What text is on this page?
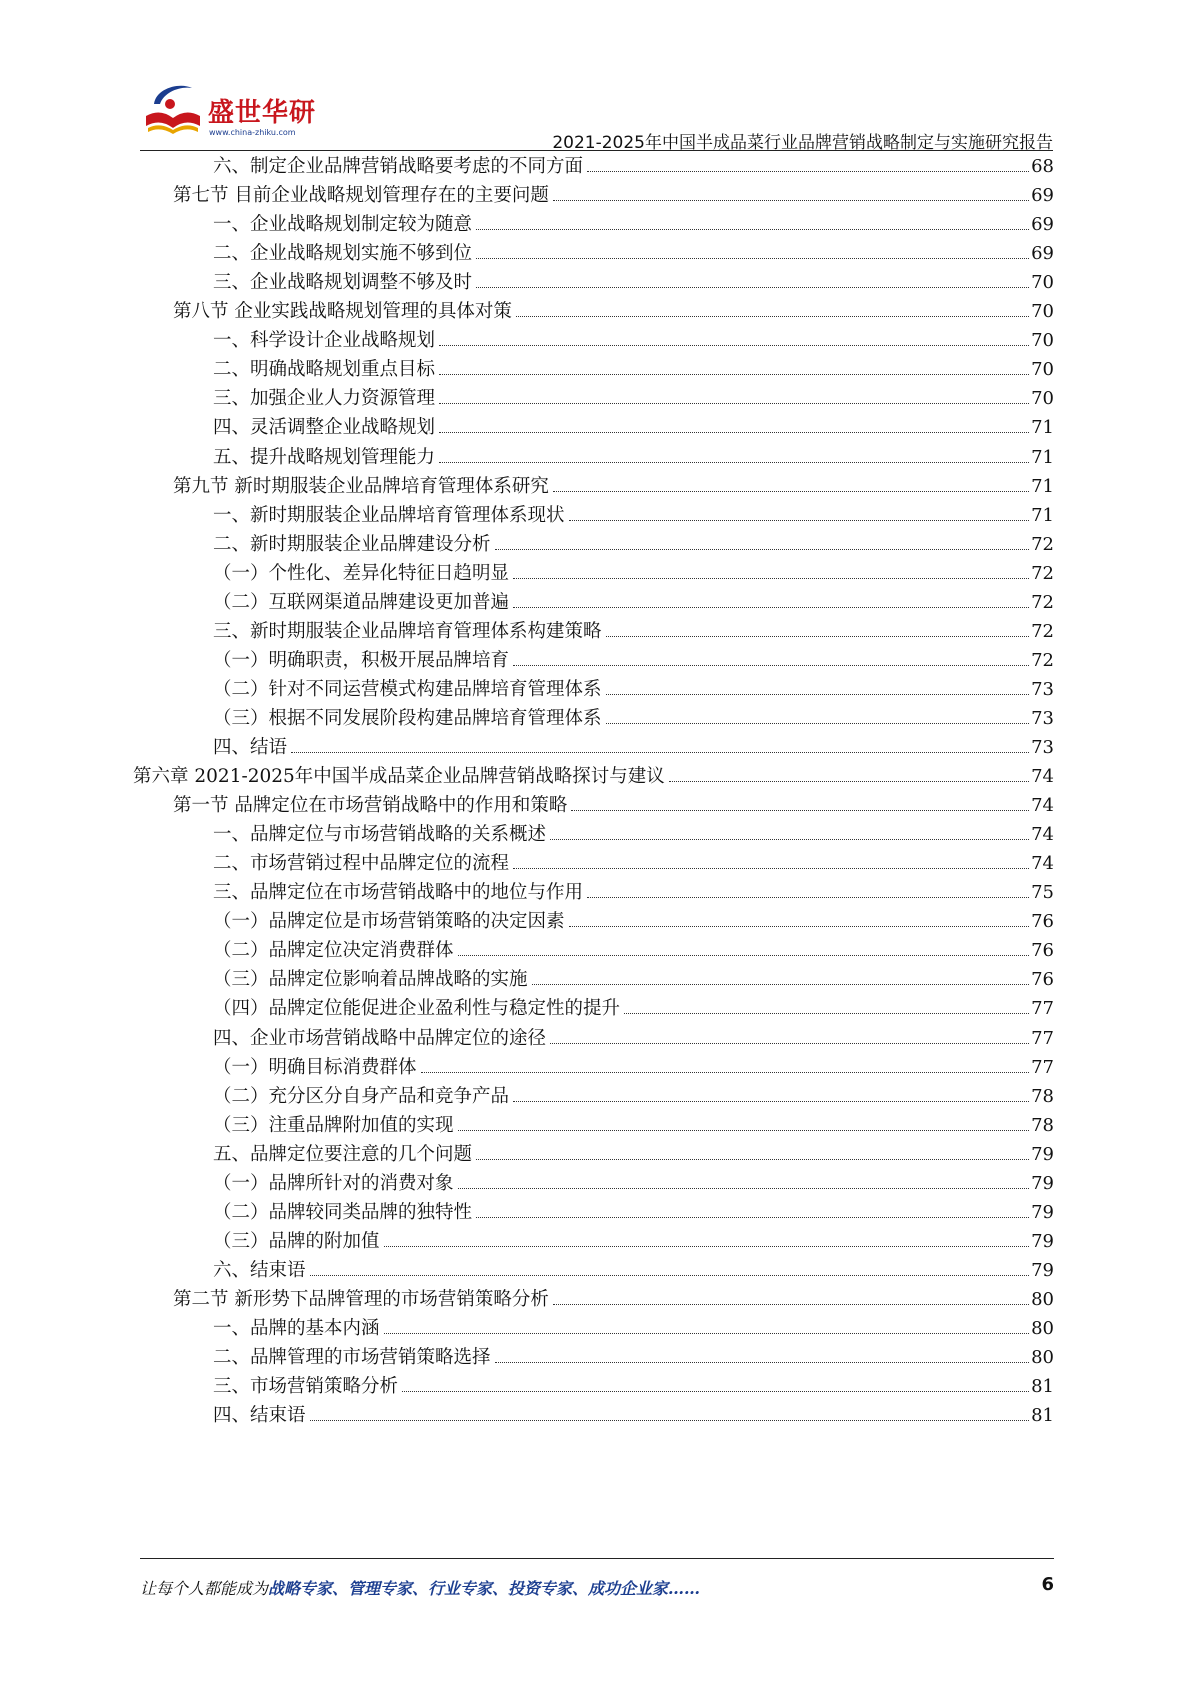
盛世华研
www.china-zhiku.com
2021-2025年中国半成品菜行业品牌营销战略制定与实施研究报告
六、制定企业品牌营销战略要考虑的不同方面	68
第七节 目前企业战略规划管理存在的主要问题	69
一、企业战略规划制定较为随意	69
二、企业战略规划实施不够到位	69
三、企业战略规划调整不够及时	70
第八节 企业实践战略规划管理的具体对策	70
一、科学设计企业战略规划	70
二、明确战略规划重点目标	70
三、加强企业人力资源管理	70
四、灵活调整企业战略规划	71
五、提升战略规划管理能力	71
第九节 新时期服装企业品牌培育管理体系研究	71
一、新时期服装企业品牌培育管理体系现状	71
二、新时期服装企业品牌建设分析	72
（一）个性化、差异化特征日趋明显	72
（二）互联网渠道品牌建设更加普遍	72
三、新时期服装企业品牌培育管理体系构建策略	72
（一）明确职责，积极开展品牌培育	72
（二）针对不同运营模式构建品牌培育管理体系	73
（三）根据不同发展阶段构建品牌培育管理体系	73
四、结语	73
第六章 2021-2025年中国半成品菜企业品牌营销战略探讨与建议	74
第一节 品牌定位在市场营销战略中的作用和策略	74
一、品牌定位与市场营销战略的关系概述	74
二、市场营销过程中品牌定位的流程	74
三、品牌定位在市场营销战略中的地位与作用	75
（一）品牌定位是市场营销策略的决定因素	76
（二）品牌定位决定消费群体	76
（三）品牌定位影响着品牌战略的实施	76
（四）品牌定位能促进企业盈利性与稳定性的提升	77
四、企业市场营销战略中品牌定位的途径	77
（一）明确目标消费群体	77
（二）充分区分自身产品和竞争产品	78
（三）注重品牌附加值的实现	78
五、品牌定位要注意的几个问题	79
（一）品牌所针对的消费对象	79
（二）品牌较同类品牌的独特性	79
（三）品牌的附加值	79
六、结束语	79
第二节 新形势下品牌管理的市场营销策略分析	80
一、品牌的基本内涵	80
二、品牌管理的市场营销策略选择	80
三、市场营销策略分析	81
四、结束语	81
让每个人都能成为战略专家、管理专家、行业专家、投资专家、成功企业家……	6
